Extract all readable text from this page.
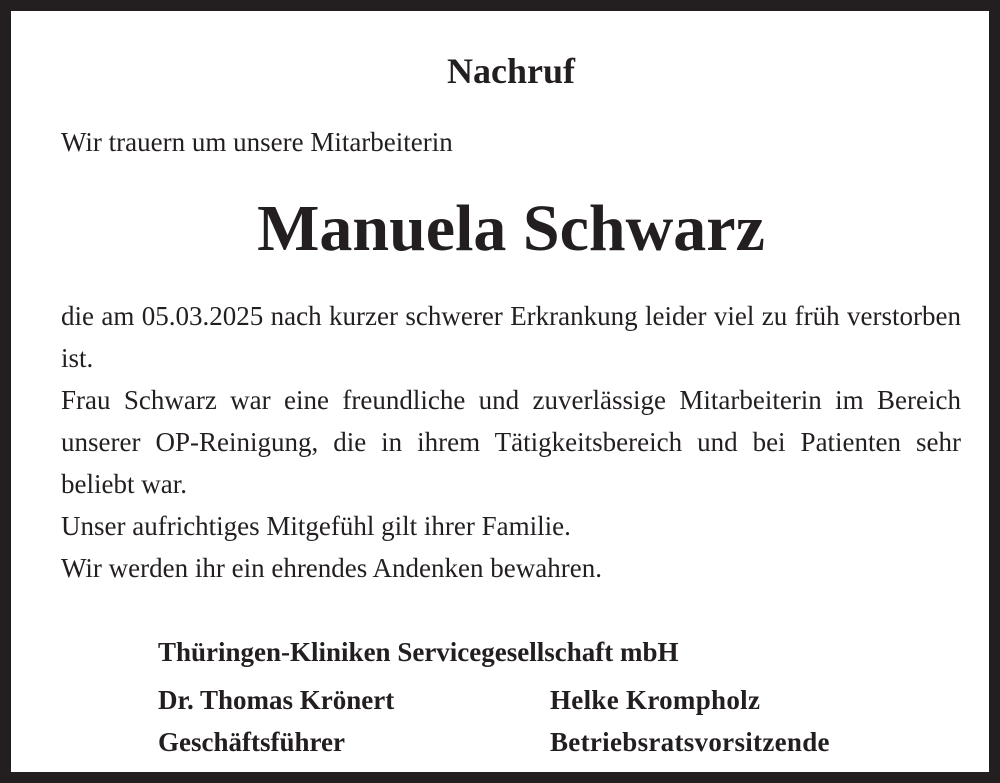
Nachruf
Wir trauern um unsere Mitarbeiterin
Manuela Schwarz
die am 05.03.2025 nach kurzer schwerer Erkrankung leider viel zu früh verstorben ist.
Frau Schwarz war eine freundliche und zuverlässige Mitarbeiterin im Bereich unserer OP-Reinigung, die in ihrem Tätigkeitsbereich und bei Patienten sehr beliebt war.
Unser aufrichtiges Mitgefühl gilt ihrer Familie.
Wir werden ihr ein ehrendes Andenken bewahren.
Thüringen-Kliniken Servicegesellschaft mbH
Dr. Thomas Krönert
Geschäftsführer
Helke Krompholz
Betriebsratsvorsitzende
